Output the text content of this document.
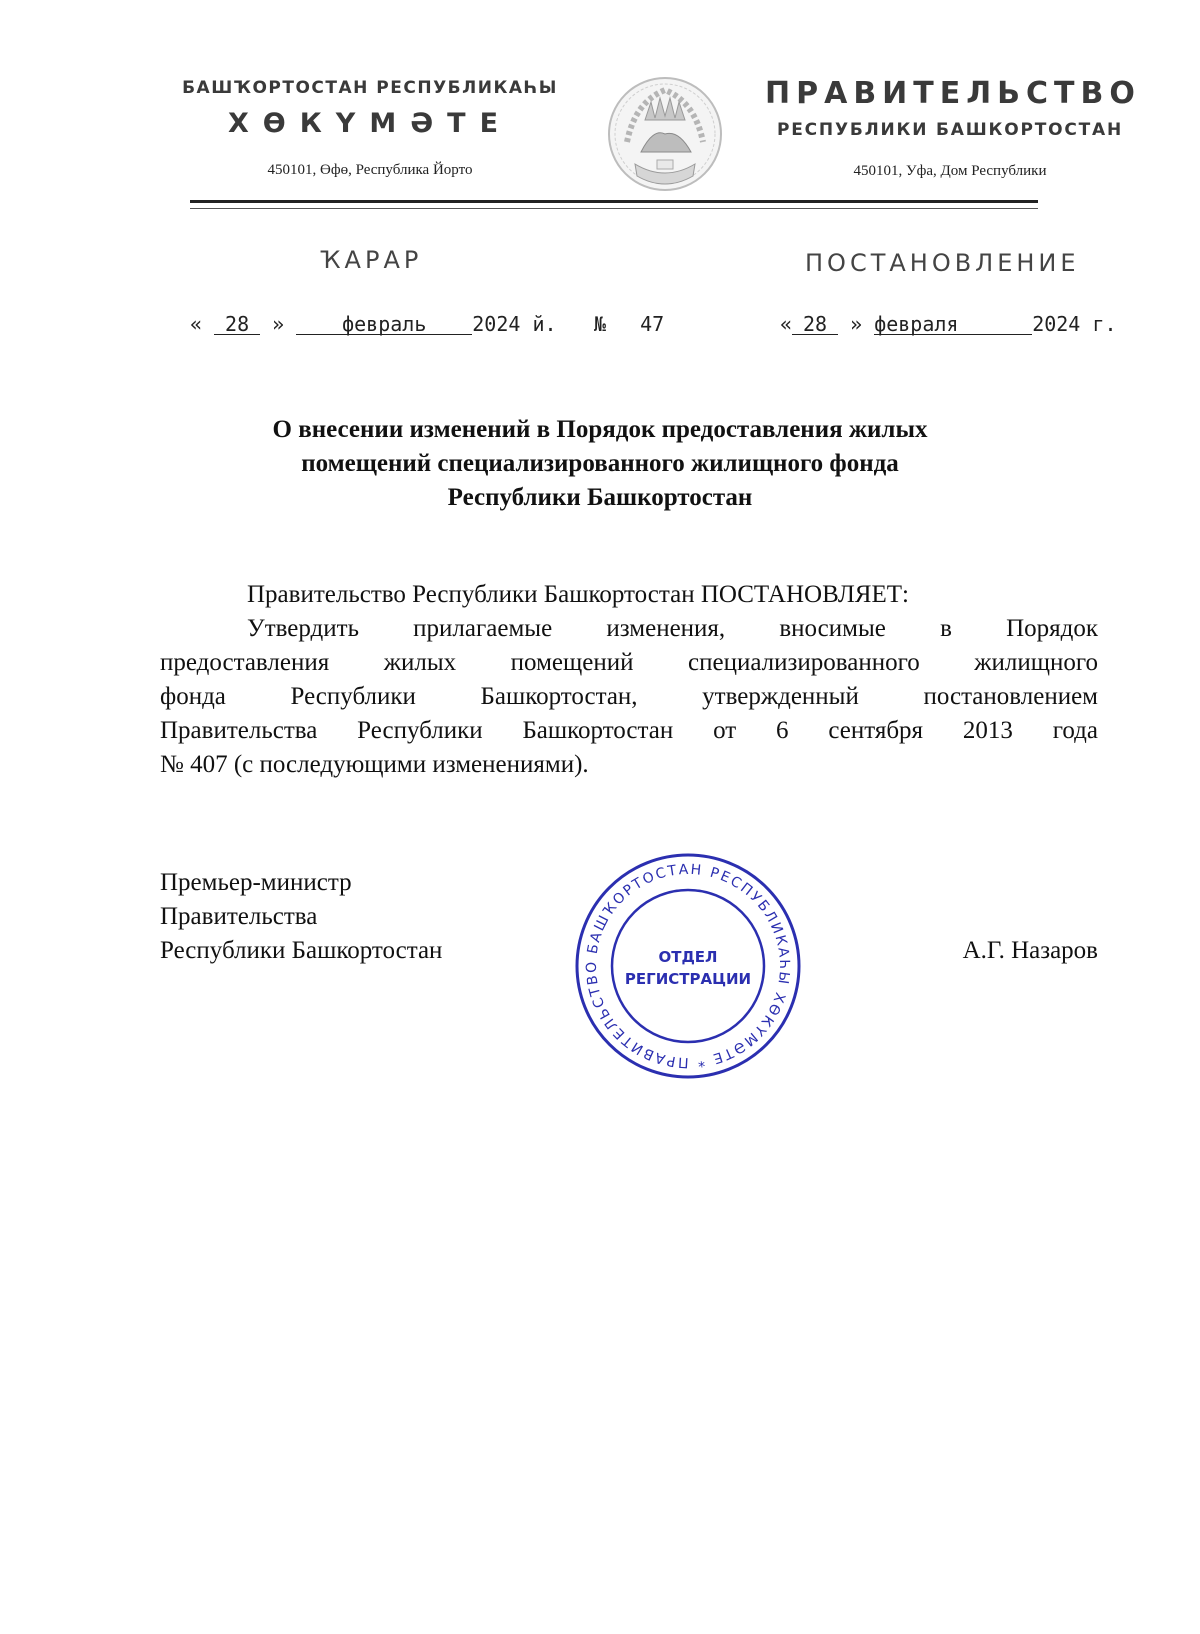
БАШҠОРТОСТАН РЕСПУБЛИКАҺЫ
ХӨКҮМӘТЕ
450101, Өфө, Республика Йорто
ПРАВИТЕЛЬСТВО
РЕСПУБЛИКИ БАШКОРТОСТАН
450101, Уфа, Дом Республики
ҠАРАР	ПОСТАНОВЛЕНИЕ
« 28 »	февраль 2024 й. № 47	« 28 » февраля	2024 г.
О внесении изменений в Порядок предоставления жилых
помещений специализированного жилищного фонда
Республики Башкортостан
Правительство Республики Башкортостан ПОСТАНОВЛЯЕТ:
Утвердить прилагаемые изменения, вносимые в Порядок
предоставления жилых помещений специализированного жилищного
фонда Республики Башкортостан, утвержденный постановлением
Правительства Республики Башкортостан от 6 сентября 2013 года
№ 407 (с последующими изменениями).
Премьер-министр
Правительства
Республики Башкортостан	А.Г. Назаров
БАШҠОРТОСТАН РЕСПУБЛИКАҺЫ ХӨКҮМӘТЕ * ПРАВИТЕЛЬСТВО
ОТДЕЛ
РЕГИСТРАЦИИ
